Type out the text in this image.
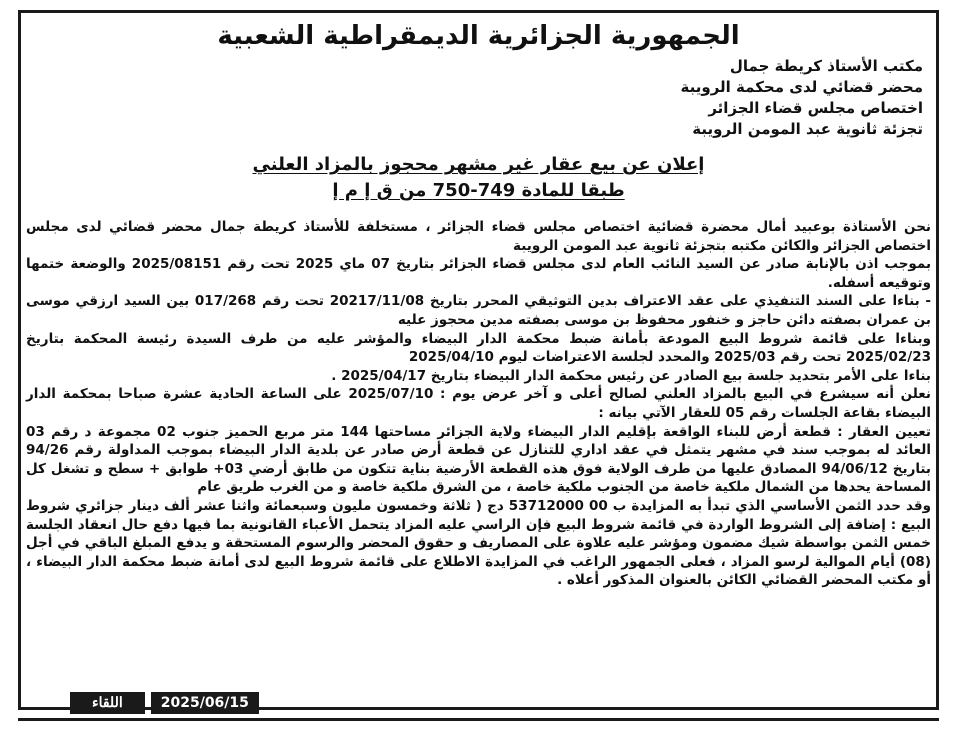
الجمهورية الجزائرية الديمقراطية الشعبية
مكتب الأستاذ كريطة جمال
محضر قضائي لدى محكمة الرويبة
اختصاص مجلس قضاء الجزائر
تجزئة ثانوية عبد المومن الرويبة
إعلان عن بيع عقار غير مشهر محجوز بالمزاد العلني
طبقا للمادة 749-750 من ق إ م إ

نحن الأستاذة بوعبيد أمال محضرة قضائية اختصاص مجلس قضاء الجزائر ، مستخلفة للأستاذ كريطة جمال محضر قضائي لدى مجلس اختصاص الجزائر والكائن مكتبه بتجزئة ثانوية عبد المومن الرويبة

بموجب اذن بالإنابة صادر عن السيد النائب العام لدى مجلس قضاء الجزائر بتاريخ 07 ماي 2025 تحت رقم 2025/08151 والوضعة ختمها وتوقيعه أسفله.

- بناءا على السند التنفيذي على عقد الاعتراف بدين التوثيقي المحرر بتاريخ 20217/11/08 تحت رقم 017/268 بين السيد ارزقي موسى بن عمران بصفته دائن حاجز و خنفور محفوظ بن موسى بصفته مدين محجوز عليه

وبناءا على قائمة شروط البيع المودعة بأمانة ضبط محكمة الدار البيضاء والمؤشر عليه من طرف السيدة رئيسة المحكمة بتاريخ 2025/02/23 تحت رقم 2025/03 والمحدد لجلسة الاعتراضات ليوم 2025/04/10

بناءا على الأمر بتحديد جلسة بيع الصادر عن رئيس محكمة الدار البيضاء بتاريخ 2025/04/17 .

نعلن أنه سيشرع في البيع بالمزاد العلني لصالح أعلى و آخر عرض يوم : 2025/07/10 على الساعة الحادية عشرة صباحا بمحكمة الدار البيضاء بقاعة الجلسات رقم 05 للعقار الآتي بيانه :

تعيين العقار : قطعة أرض للبناء الواقعة بإقليم الدار البيضاء ولاية الجزائر مساحتها 144 متر مربع الحميز جنوب 02 مجموعة د رقم 03 العائد له بموجب سند في مشهر يتمثل في عقد اداري للتنازل عن قطعة أرض صادر عن بلدية الدار البيضاء بموجب المداولة رقم 94/26 بتاريخ 94/06/12 المصادق عليها من طرف الولاية فوق هذه القطعة الأرضية بناية تتكون من طابق أرضي 03+ طوابق + سطح و تشغل كل المساحة يحدها من الشمال ملكية خاصة من الجنوب ملكية خاصة ، من الشرق ملكية خاصة و من الغرب طريق عام

وقد حدد الثمن الأساسي الذي تبدأ به المزايدة ب 00 53712000 دج ( ثلاثة وخمسون مليون وسبعمائة واثنا عشر ألف دينار جزائري شروط البيع : إضافة إلى الشروط الواردة في قائمة شروط البيع فإن الراسي عليه المزاد يتحمل الأعباء القانونية بما فيها دفع حال انعقاد الجلسة خمس الثمن بواسطة شيك مضمون ومؤشر عليه علاوة على المصاريف و حقوق المحضر والرسوم المستحقة و يدفع المبلغ الباقي في أجل (08) أيام الموالية لرسو المزاد ، فعلى الجمهور الراغب في المزايدة الاطلاع على قائمة شروط البيع لدى أمانة ضبط محكمة الدار البيضاء ، أو مكتب المحضر القضائي الكائن بالعنوان المذكور أعلاه .

اللقاء	2025/06/15
